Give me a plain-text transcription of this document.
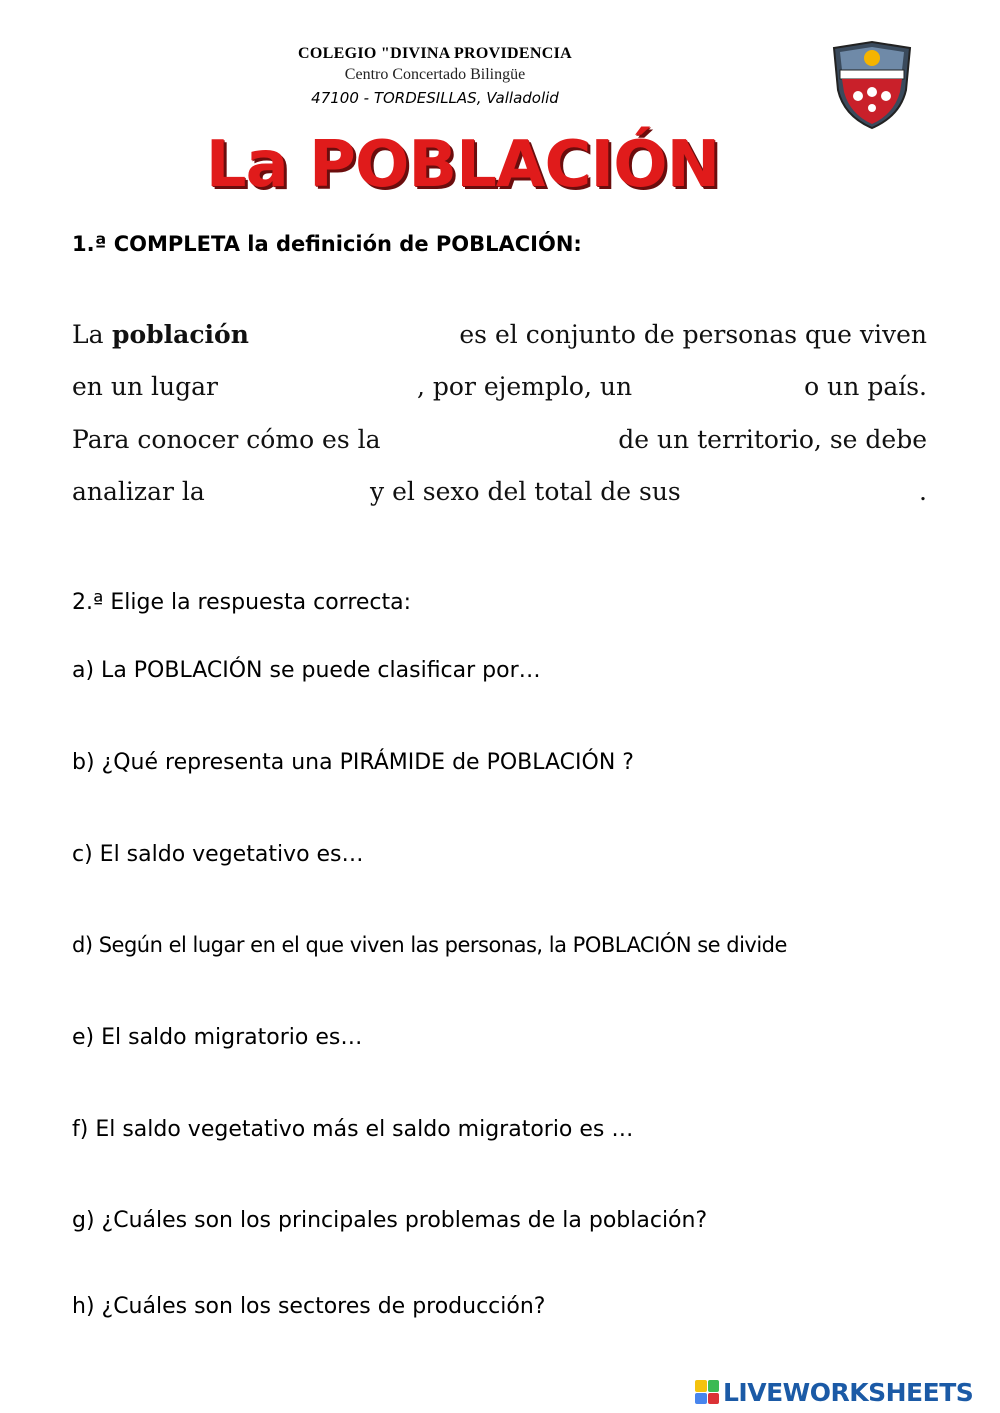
COLEGIO "DIVINA PROVIDENCIA
Centro Concertado Bilingüe
47100 - TORDESILLAS, Valladolid
La POBLACIÓN
1.ª COMPLETA la definición de POBLACIÓN:
La población	es el conjunto de personas que viven
en un lugar	, por ejemplo, un	o un país.
Para conocer cómo es la	de un territorio, se debe
analizar la	y el sexo del total de sus	.
2.ª Elige la respuesta correcta:
a) La POBLACIÓN se puede clasificar por…
b) ¿Qué representa una PIRÁMIDE de POBLACIÓN ?
c) El saldo vegetativo es…
d) Según el lugar en el que viven las personas, la POBLACIÓN se divide
e) El saldo migratorio es…
f) El saldo vegetativo más el saldo migratorio es …
g) ¿Cuáles son los principales problemas de la población?
h) ¿Cuáles son los sectores de producción?
LIVEWORKSHEETS
